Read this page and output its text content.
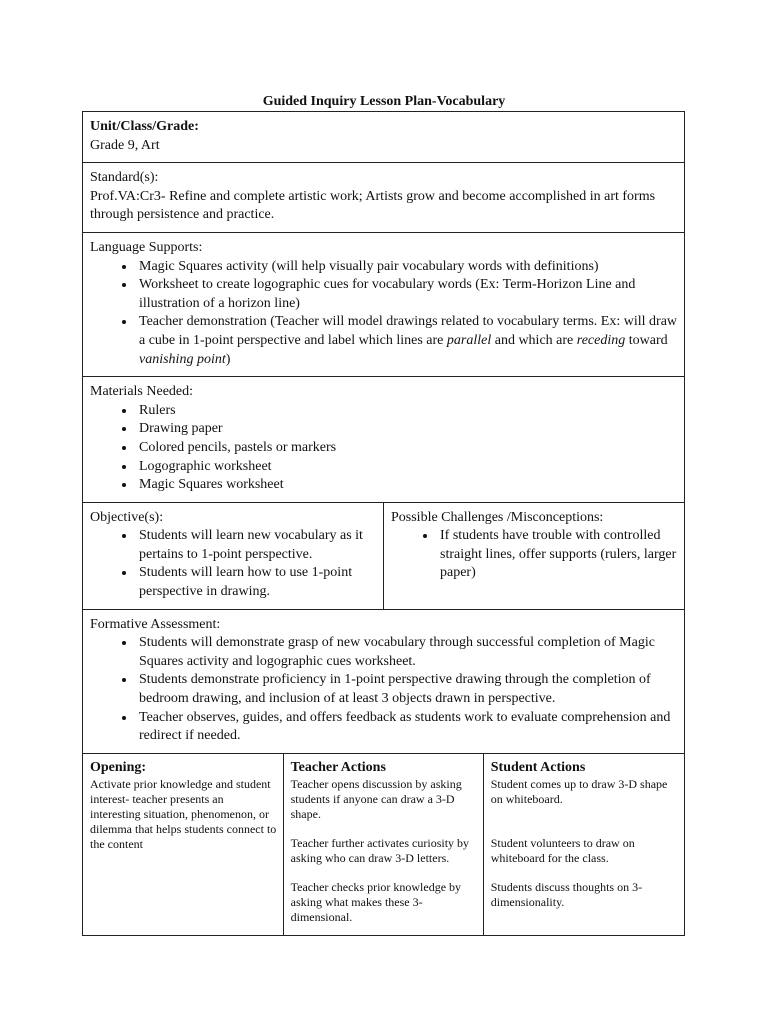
Guided Inquiry Lesson Plan-Vocabulary
Unit/Class/Grade:
Grade 9, Art

Standard(s):
Prof.VA:Cr3- Refine and complete artistic work; Artists grow and become accomplished in art forms through persistence and practice.

Language Supports:
• Magic Squares activity (will help visually pair vocabulary words with definitions)
• Worksheet to create logographic cues for vocabulary words (Ex: Term-Horizon Line and illustration of a horizon line)
• Teacher demonstration (Teacher will model drawings related to vocabulary terms. Ex: will draw a cube in 1-point perspective and label which lines are parallel and which are receding toward vanishing point)

Materials Needed:
• Rulers
• Drawing paper
• Colored pencils, pastels or markers
• Logographic worksheet
• Magic Squares worksheet

Objective(s):
• Students will learn new vocabulary as it pertains to 1-point perspective.
• Students will learn how to use 1-point perspective in drawing.

Possible Challenges /Misconceptions:
• If students have trouble with controlled straight lines, offer supports (rulers, larger paper)

Formative Assessment:
• Students will demonstrate grasp of new vocabulary through successful completion of Magic Squares activity and logographic cues worksheet.
• Students demonstrate proficiency in 1-point perspective drawing through the completion of bedroom drawing, and inclusion of at least 3 objects drawn in perspective.
• Teacher observes, guides, and offers feedback as students work to evaluate comprehension and redirect if needed.

Opening:
Activate prior knowledge and student interest- teacher presents an interesting situation, phenomenon, or dilemma that helps students connect to the content	
Teacher Actions
Teacher opens discussion by asking students if anyone can draw a 3-D shape.
Teacher further activates curiosity by asking who can draw 3-D letters.
Teacher checks prior knowledge by asking what makes these 3-dimensional.

Student Actions
Student comes up to draw 3-D shape on whiteboard.
Student volunteers to draw on whiteboard for the class.
Students discuss thoughts on 3-dimensionality.
